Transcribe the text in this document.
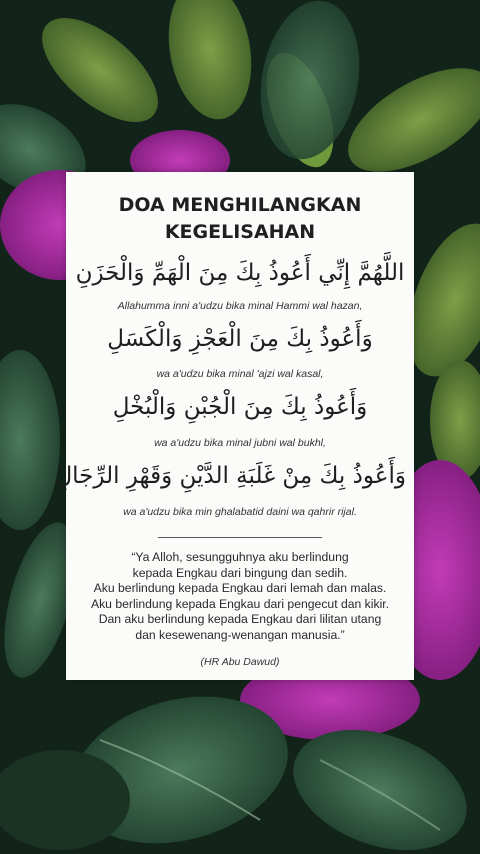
DOA MENGHILANGKAN
KEGELISAHAN
اللَّهُمَّ إِنِّي أَعُوذُ بِكَ مِنَ الْهَمِّ وَالْحَزَنِ
Allahumma inni a'udzu bika minal Hammi wal hazan,
وَأَعُوذُ بِكَ مِنَ الْعَجْزِ وَالْكَسَلِ
wa a'udzu bika minal 'ajzi wal kasal,
وَأَعُوذُ بِكَ مِنَ الْجُبْنِ وَالْبُخْلِ
wa a'udzu bika minal jubni wal bukhl,
وَأَعُوذُ بِكَ مِنْ غَلَبَةِ الدَّيْنِ وَقَهْرِ الرِّجَالِ
wa a'udzu bika min ghalabatid daini wa qahrir rijal.
“Ya Alloh, sesungguhnya aku berlindung
kepada Engkau dari bingung dan sedih.
Aku berlindung kepada Engkau dari lemah dan malas.
Aku berlindung kepada Engkau dari pengecut dan kikir.
Dan aku berlindung kepada Engkau dari lilitan utang
dan kesewenang-wenangan manusia.”
(HR Abu Dawud)
